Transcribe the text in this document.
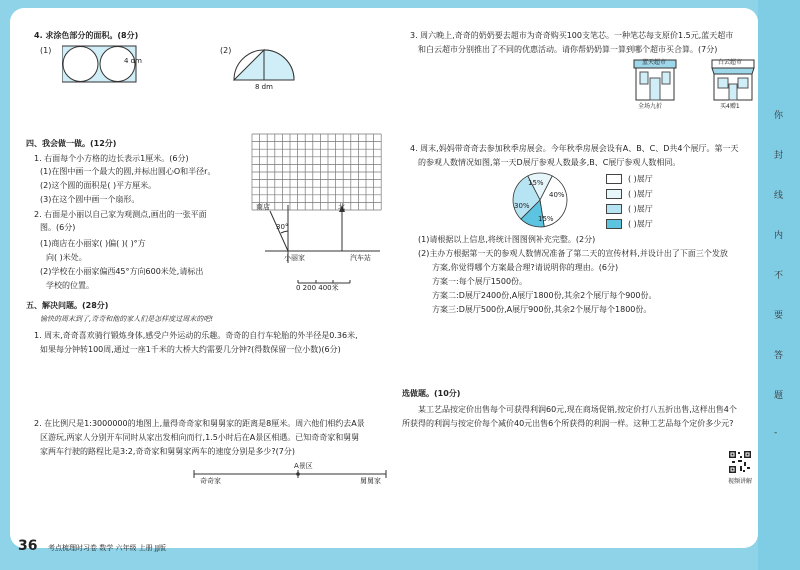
4. 求涂色部分的面积。(8分)
(1)
4 dm
(2)
8 dm
四、我会做一做。(12分)
1. 右面每个小方格的边长表示1厘米。(6分)
(1)在图中画一个最大的圆,并标出圆心O和半径r。
(2)这个圆的面积是( )平方厘米。
(3)在这个圆中画一个扇形。
2. 右面是小丽以自己家为观测点,画出的一张平面
图。(6分)
(1)商店在小丽家( )偏( )( )°方
向( )米处。
(2)学校在小丽家偏西45°方向600米处,请标出
学校的位置。
商店	北
30°
小丽家	汽车站
0 200 400米
五、解决问题。(28分)
愉快的周末到了,奇奇和他的家人们是怎样度过周末的吧!
1. 周末,奇奇喜欢骑行锻炼身体,感受户外运动的乐趣。奇奇的自行车轮胎的外半径是0.36米,
如果每分钟转100周,通过一座1千米的大桥大约需要几分钟?(得数保留一位小数)(6分)
2. 在比例尺是1:3000000的地图上,量得奇奇家和舅舅家的距离是8厘米。周六他们相约去A景
区游玩,两家人分别开车同时从家出发相向而行,1.5小时后在A景区相遇。已知奇奇家和舅舅
家两车行驶的路程比是3:2,奇奇家和舅舅家两车的速度分别是多少?(7分)
A景区
奇奇家	舅舅家
36 考点梳理时习卷 数学 六年级 上册 JJ版
3. 周六晚上,奇奇的奶奶要去超市为奇奇购买100支笔芯。一种笔芯每支原价1.5元,蓝天超市
和白云超市分别推出了不同的优惠活动。请你帮奶奶算一算到哪个超市买合算。(7分)
蓝天超市
全场九折
白云超市
买4赠1
4. 周末,妈妈带奇奇去参加秋季房展会。今年秋季房展会设有A、B、C、D共4个展厅。第一天
的参观人数情况如图,第一天D展厅参观人数最多,B、C展厅参观人数相同。
15%
40%
15%
30%
( )展厅
( )展厅
( )展厅
( )展厅
(1)请根据以上信息,将统计图图例补充完整。(2分)
(2)主办方根据第一天的参观人数情况准备了第二天的宣传材料,并设计出了下面三个发放
方案,你觉得哪个方案最合理?请说明你的理由。(6分)
方案一:每个展厅1500份。
方案二:D展厅2400份,A展厅1800份,其余2个展厅每个900份。
方案三:D展厅500份,A展厅900份,其余2个展厅每个1800份。
选做题。(10分)
某工艺品按定价出售每个可获得利润60元,现在商场促销,按定价打八五折出售,这样出售4个
所获得的利润与按定价每个减价40元出售6个所获得的利润一样。这种工艺品每个定价多少元?
视频讲解
你
封
线
内
不
要
答
题
-
